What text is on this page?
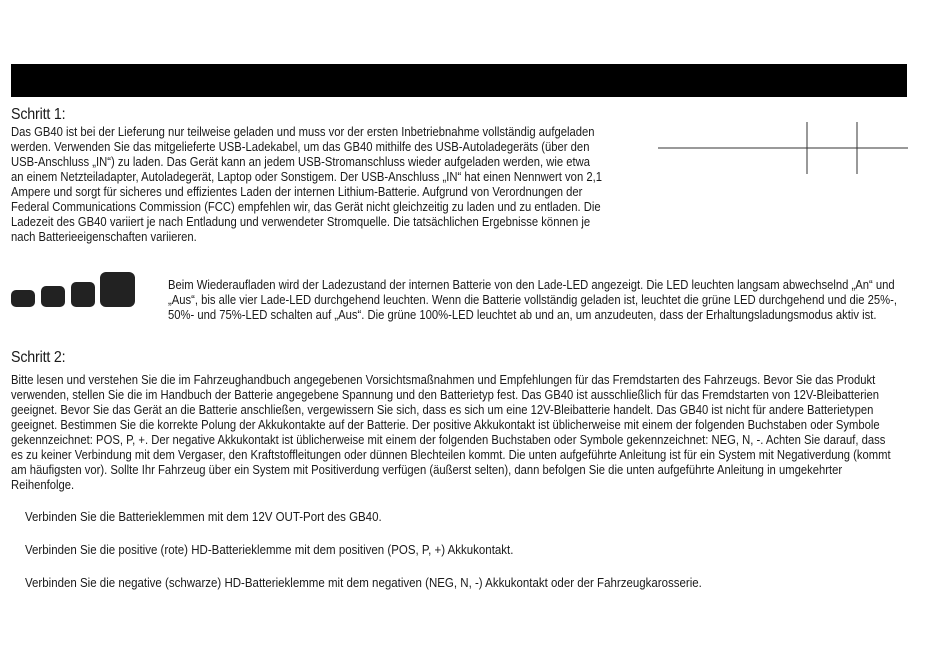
Schritt 1:

Das GB40 ist bei der Lieferung nur teilweise geladen und muss vor der ersten Inbetriebnahme vollständig aufgeladen werden. Verwenden Sie das mitgelieferte USB-Ladekabel, um das GB40 mithilfe des USB-Autoladegeräts (über den USB-Anschluss „IN“) zu laden. Das Gerät kann an jedem USB-Stromanschluss wieder aufgeladen werden, wie etwa an einem Netzteiladapter, Autoladegerät, Laptop oder Sonstigem. Der USB-Anschluss „IN“ hat einen Nennwert von 2,1 Ampere und sorgt für sicheres und effizientes Laden der internen Lithium-Batterie. Aufgrund von Verordnungen der Federal Communications Commission (FCC) empfehlen wir, das Gerät nicht gleichzeitig zu laden und zu entladen. Die Ladezeit des GB40 variiert je nach Entladung und verwendeter Stromquelle. Die tatsächlichen Ergebnisse können je nach Batterieeigenschaften variieren.

Beim Wiederaufladen wird der Ladezustand der internen Batterie von den Lade-LED angezeigt. Die LED leuchten langsam abwechselnd „An“ und „Aus“, bis alle vier Lade-LED durchgehend leuchten. Wenn die Batterie vollständig geladen ist, leuchtet die grüne LED durchgehend und die 25%-, 50%- und 75%-LED schalten auf „Aus“. Die grüne 100%-LED leuchtet ab und an, um anzudeuten, dass der Erhaltungsladungsmodus aktiv ist.

Schritt 2:

Bitte lesen und verstehen Sie die im Fahrzeughandbuch angegebenen Vorsichtsmaßnahmen und Empfehlungen für das Fremdstarten des Fahrzeugs. Bevor Sie das Produkt verwenden, stellen Sie die im Handbuch der Batterie angegebene Spannung und den Batterietyp fest. Das GB40 ist ausschließlich für das Fremdstarten von 12V-Bleibatterien geeignet. Bevor Sie das Gerät an die Batterie anschließen, vergewissern Sie sich, dass es sich um eine 12V-Bleibatterie handelt. Das GB40 ist nicht für andere Batterietypen geeignet. Bestimmen Sie die korrekte Polung der Akkukontakte auf der Batterie. Der positive Akkukontakt ist üblicherweise mit einem der folgenden Buchstaben oder Symbole gekennzeichnet: POS, P, +. Der negative Akkukontakt ist üblicherweise mit einem der folgenden Buchstaben oder Symbole gekennzeichnet: NEG, N, -. Achten Sie darauf, dass es zu keiner Verbindung mit dem Vergaser, den Kraftstoffleitungen oder dünnen Blechteilen kommt. Die unten aufgeführte Anleitung ist für ein System mit Negativerdung (kommt am häufigsten vor). Sollte Ihr Fahrzeug über ein System mit Positiverdung verfügen (äußerst selten), dann befolgen Sie die unten aufgeführte Anleitung in umgekehrter Reihenfolge.

Verbinden Sie die Batterieklemmen mit dem 12V OUT-Port des GB40.

Verbinden Sie die positive (rote) HD-Batterieklemme mit dem positiven (POS, P, +) Akkukontakt.

Verbinden Sie die negative (schwarze) HD-Batterieklemme mit dem negativen (NEG, N, -) Akkukontakt oder der Fahrzeugkarosserie.
